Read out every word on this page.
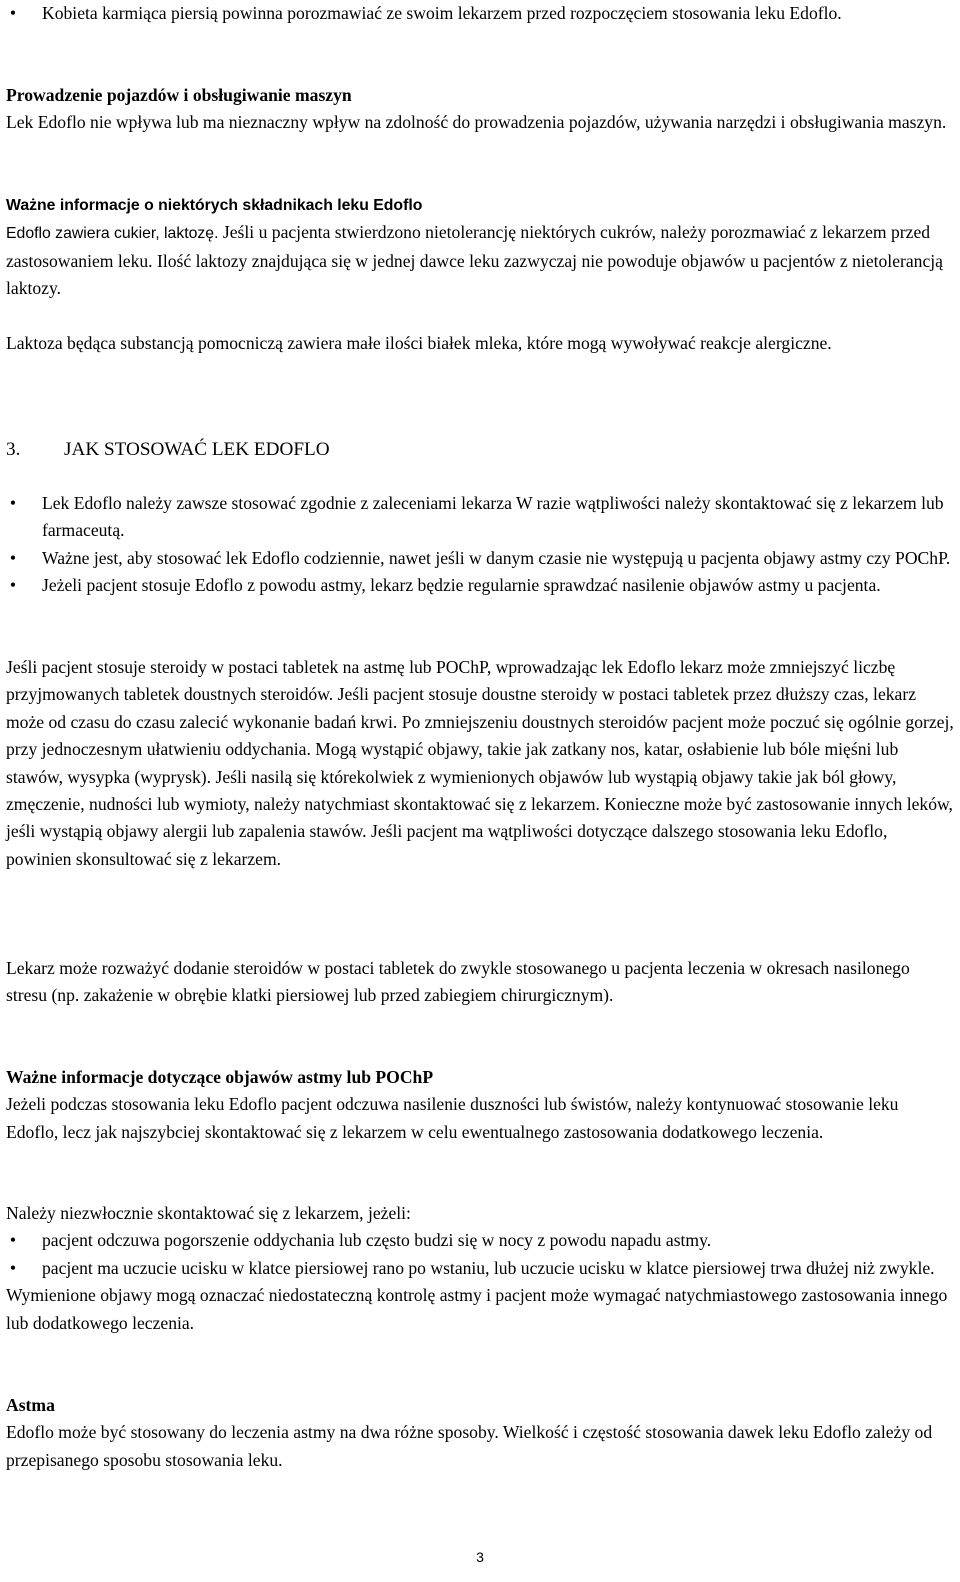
• Kobieta karmiąca piersią powinna porozmawiać ze swoim lekarzem przed rozpoczęciem stosowania leku Edoflo.

Prowadzenie pojazdów i obsługiwanie maszyn

Lek Edoflo nie wpływa lub ma nieznaczny wpływ na zdolność do prowadzenia pojazdów, używania narzędzi i obsługiwania maszyn.

Ważne informacje o niektórych składnikach leku Edoflo

Edoflo zawiera cukier, laktozę. Jeśli u pacjenta stwierdzono nietolerancję niektórych cukrów, należy porozmawiać z lekarzem przed zastosowaniem leku. Ilość laktozy znajdująca się w jednej dawce leku zazwyczaj nie powoduje objawów u pacjentów z nietolerancją laktozy.

Laktoza będąca substancją pomocniczą zawiera małe ilości białek mleka, które mogą wywoływać reakcje alergiczne.

3. JAK STOSOWAĆ LEK EDOFLO

• Lek Edoflo należy zawsze stosować zgodnie z zaleceniami lekarza W razie wątpliwości należy skontaktować się z lekarzem lub farmaceutą.
• Ważne jest, aby stosować lek Edoflo codziennie, nawet jeśli w danym czasie nie występują u pacjenta objawy astmy czy POChP.
• Jeżeli pacjent stosuje Edoflo z powodu astmy, lekarz będzie regularnie sprawdzać nasilenie objawów astmy u pacjenta.

Jeśli pacjent stosuje steroidy w postaci tabletek na astmę lub POChP, wprowadzając lek Edoflo lekarz może zmniejszyć liczbę przyjmowanych tabletek doustnych steroidów. Jeśli pacjent stosuje doustne steroidy w postaci tabletek przez dłuższy czas, lekarz może od czasu do czasu zalecić wykonanie badań krwi. Po zmniejszeniu doustnych steroidów pacjent może poczuć się ogólnie gorzej, przy jednoczesnym ułatwieniu oddychania. Mogą wystąpić objawy, takie jak zatkany nos, katar, osłabienie lub bóle mięśni lub stawów, wysypka (wyprysk). Jeśli nasilą się którekolwiek z wymienionych objawów lub wystąpią objawy takie jak ból głowy, zmęczenie, nudności lub wymioty, należy natychmiast skontaktować się z lekarzem. Konieczne może być zastosowanie innych leków, jeśli wystąpią objawy alergii lub zapalenia stawów. Jeśli pacjent ma wątpliwości dotyczące dalszego stosowania leku Edoflo, powinien skonsultować się z lekarzem.

Lekarz może rozważyć dodanie steroidów w postaci tabletek do zwykle stosowanego u pacjenta leczenia w okresach nasilonego stresu (np. zakażenie w obrębie klatki piersiowej lub przed zabiegiem chirurgicznym).

Ważne informacje dotyczące objawów astmy lub POChP

Jeżeli podczas stosowania leku Edoflo pacjent odczuwa nasilenie duszności lub świstów, należy kontynuować stosowanie leku Edoflo, lecz jak najszybciej skontaktować się z lekarzem w celu ewentualnego zastosowania dodatkowego leczenia.

Należy niezwłocznie skontaktować się z lekarzem, jeżeli:

• pacjent odczuwa pogorszenie oddychania lub często budzi się w nocy z powodu napadu astmy.
• pacjent ma uczucie ucisku w klatce piersiowej rano po wstaniu, lub uczucie ucisku w klatce piersiowej trwa dłużej niż zwykle.

Wymienione objawy mogą oznaczać niedostateczną kontrolę astmy i pacjent może wymagać natychmiastowego zastosowania innego lub dodatkowego leczenia.

Astma

Edoflo może być stosowany do leczenia astmy na dwa różne sposoby. Wielkość i częstość stosowania dawek leku Edoflo zależy od przepisanego sposobu stosowania leku.

3
